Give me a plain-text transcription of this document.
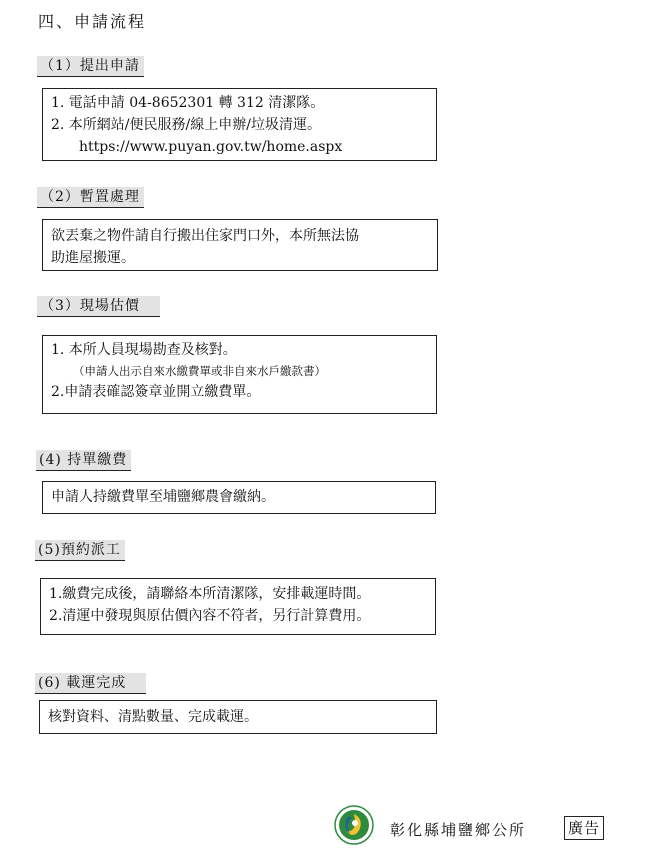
四、申請流程
（1）提出申請
1. 電話申請 04-8652301 轉 312 清潔隊。
2. 本所網站/便民服務/線上申辦/垃圾清運。
https://www.puyan.gov.tw/home.aspx
（2）暫置處理
欲丟棄之物件請自行搬出住家門口外，本所無法協
助進屋搬運。
（3）現場估價
1. 本所人員現場勘查及核對。
（申請人出示自來水繳費單或非自來水戶繳款書）
2.申請表確認簽章並開立繳費單。
(4) 持單繳費
申請人持繳費單至埔鹽鄉農會繳納。
(5)預約派工
1.繳費完成後，請聯絡本所清潔隊，安排載運時間。
2.清運中發現與原估價內容不符者，另行計算費用。
(6) 載運完成
核對資料、清點數量、完成載運。
彰化縣埔鹽鄉公所	廣告
